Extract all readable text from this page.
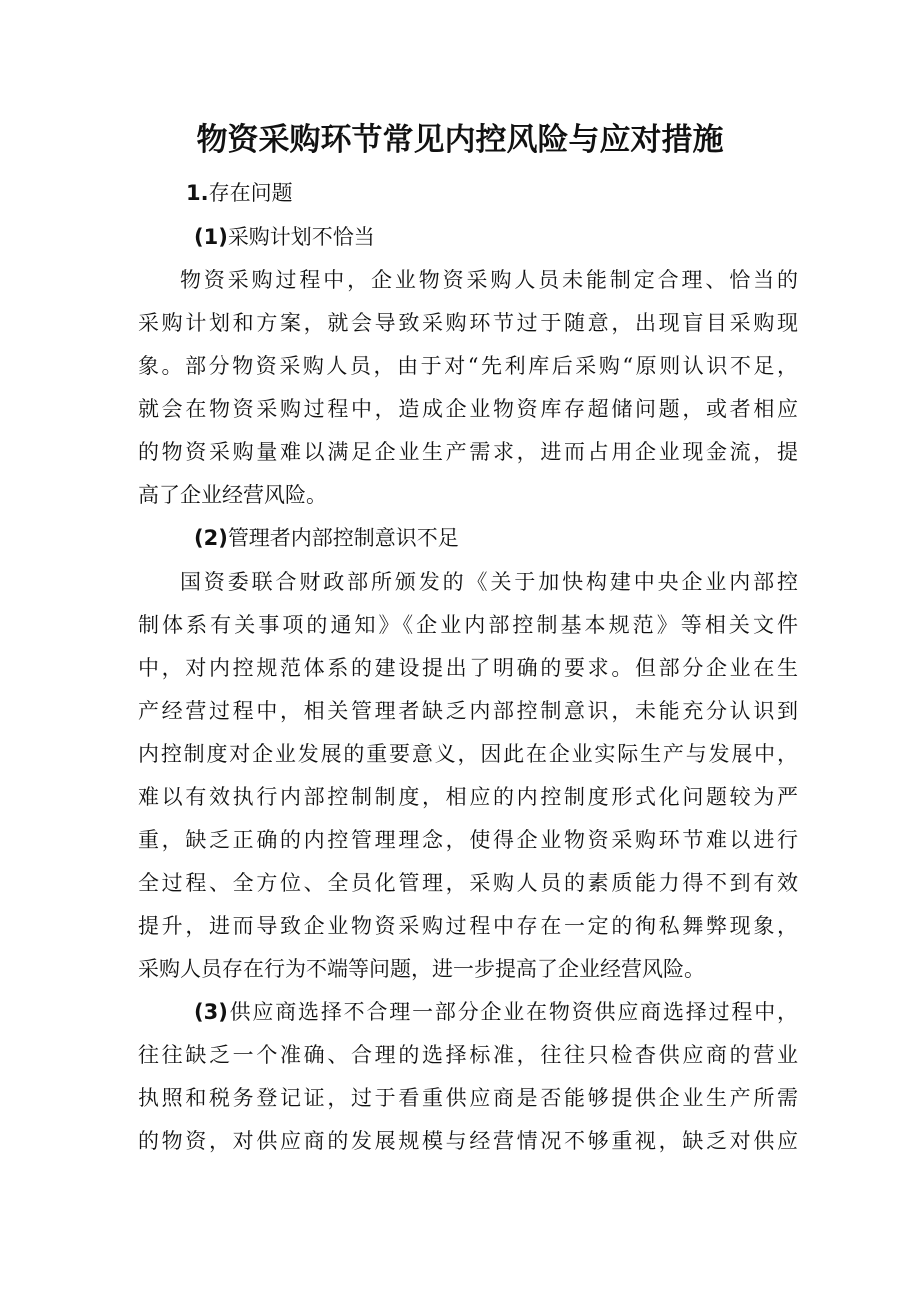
物资采购环节常见内控风险与应对措施
1.存在问题
(1)采购计划不恰当
物资采购过程中，企业物资采购人员未能制定合理、恰当的
采购计划和方案，就会导致采购环节过于随意，出现盲目采购现
象。部分物资采购人员，由于对“先利库后采购“原则认识不足，
就会在物资采购过程中，造成企业物资库存超储问题，或者相应
的物资采购量难以满足企业生产需求，进而占用企业现金流，提
高了企业经营风险。
(2)管理者内部控制意识不足
国资委联合财政部所颁发的《关于加快构建中央企业内部控
制体系有关事项的通知》《企业内部控制基本规范》等相关文件
中，对内控规范体系的建设提出了明确的要求。但部分企业在生
产经营过程中，相关管理者缺乏内部控制意识，未能充分认识到
内控制度对企业发展的重要意义，因此在企业实际生产与发展中，
难以有效执行内部控制制度，相应的内控制度形式化问题较为严
重，缺乏正确的内控管理理念，使得企业物资采购环节难以进行
全过程、全方位、全员化管理，采购人员的素质能力得不到有效
提升，进而导致企业物资采购过程中存在一定的徇私舞弊现象，
采购人员存在行为不端等问题，进一步提高了企业经营风险。
(3)供应商选择不合理一部分企业在物资供应商选择过程中，
往往缺乏一个准确、合理的选择标准，往往只检杳供应商的营业
执照和税务登记证，过于看重供应商是否能够提供企业生产所需
的物资，对供应商的发展规模与经营情况不够重视，缺乏对供应
